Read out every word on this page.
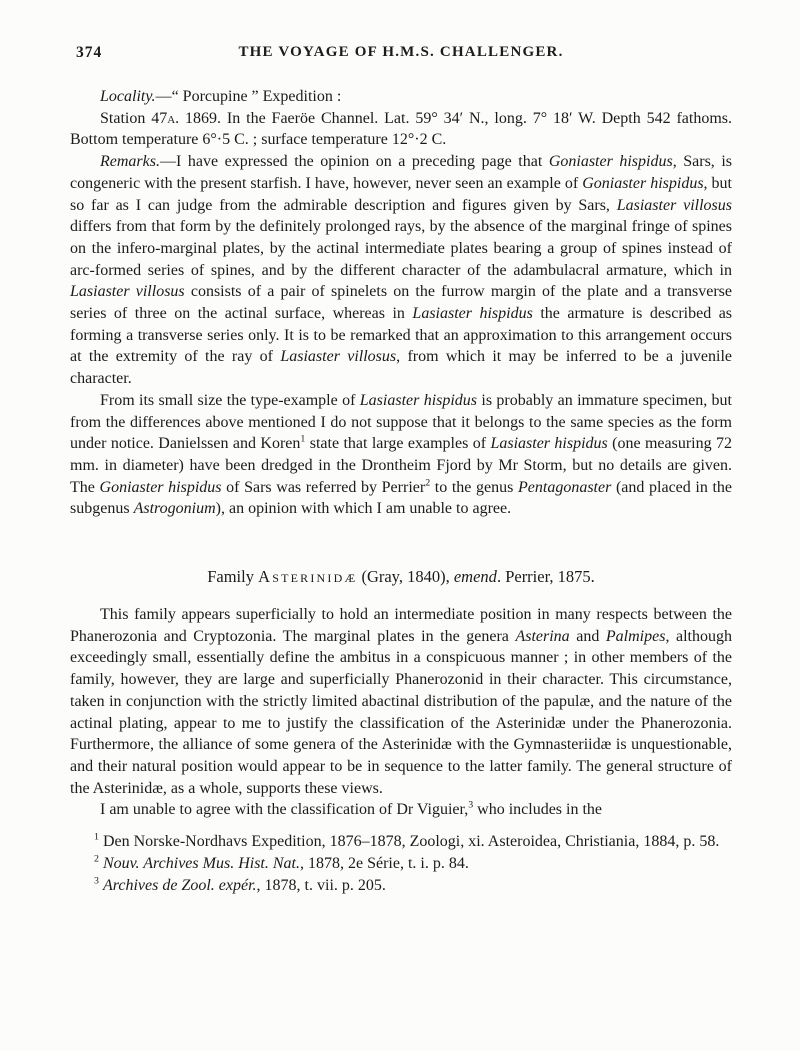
374	THE VOYAGE OF H.M.S. CHALLENGER.

Locality.—“ Porcupine ” Expedition :

Station 47a. 1869. In the Faeröe Channel. Lat. 59° 34′ N., long. 7° 18′ W. Depth 542 fathoms. Bottom temperature 6°·5 C. ; surface temperature 12°·2 C.

Remarks.—I have expressed the opinion on a preceding page that Goniaster hispidus, Sars, is congeneric with the present starfish. I have, however, never seen an example of Goniaster hispidus, but so far as I can judge from the admirable description and figures given by Sars, Lasiaster villosus differs from that form by the definitely prolonged rays, by the absence of the marginal fringe of spines on the infero-marginal plates, by the actinal intermediate plates bearing a group of spines instead of arc-formed series of spines, and by the different character of the adambulacral armature, which in Lasiaster villosus consists of a pair of spinelets on the furrow margin of the plate and a transverse series of three on the actinal surface, whereas in Lasiaster hispidus the armature is described as forming a transverse series only. It is to be remarked that an approximation to this arrangement occurs at the extremity of the ray of Lasiaster villosus, from which it may be inferred to be a juvenile character.

From its small size the type-example of Lasiaster hispidus is probably an immature specimen, but from the differences above mentioned I do not suppose that it belongs to the same species as the form under notice. Danielssen and Koren$^1$ state that large examples of Lasiaster hispidus (one measuring 72 mm. in diameter) have been dredged in the Drontheim Fjord by Mr Storm, but no details are given. The Goniaster hispidus of Sars was referred by Perrier$^2$ to the genus Pentagonaster (and placed in the subgenus Astrogonium), an opinion with which I am unable to agree.

Family Asterinidæ (Gray, 1840), emend. Perrier, 1875.

This family appears superficially to hold an intermediate position in many respects between the Phanerozonia and Cryptozonia. The marginal plates in the genera Asterina and Palmipes, although exceedingly small, essentially define the ambitus in a conspicuous manner ; in other members of the family, however, they are large and superficially Phanerozonid in their character. This circumstance, taken in conjunction with the strictly limited abactinal distribution of the papulæ, and the nature of the actinal plating, appear to me to justify the classification of the Asterinidæ under the Phanerozonia. Furthermore, the alliance of some genera of the Asterinidæ with the Gymnasteriidæ is unquestionable, and their natural position would appear to be in sequence to the latter family. The general structure of the Asterinidæ, as a whole, supports these views.

I am unable to agree with the classification of Dr Viguier,$^3$ who includes in the

$^1$ Den Norske-Nordhavs Expedition, 1876–1878, Zoologi, xi. Asteroidea, Christiania, 1884, p. 58.

$^2$ Nouv. Archives Mus. Hist. Nat., 1878, 2e Série, t. i. p. 84.

$^3$ Archives de Zool. expér., 1878, t. vii. p. 205.
